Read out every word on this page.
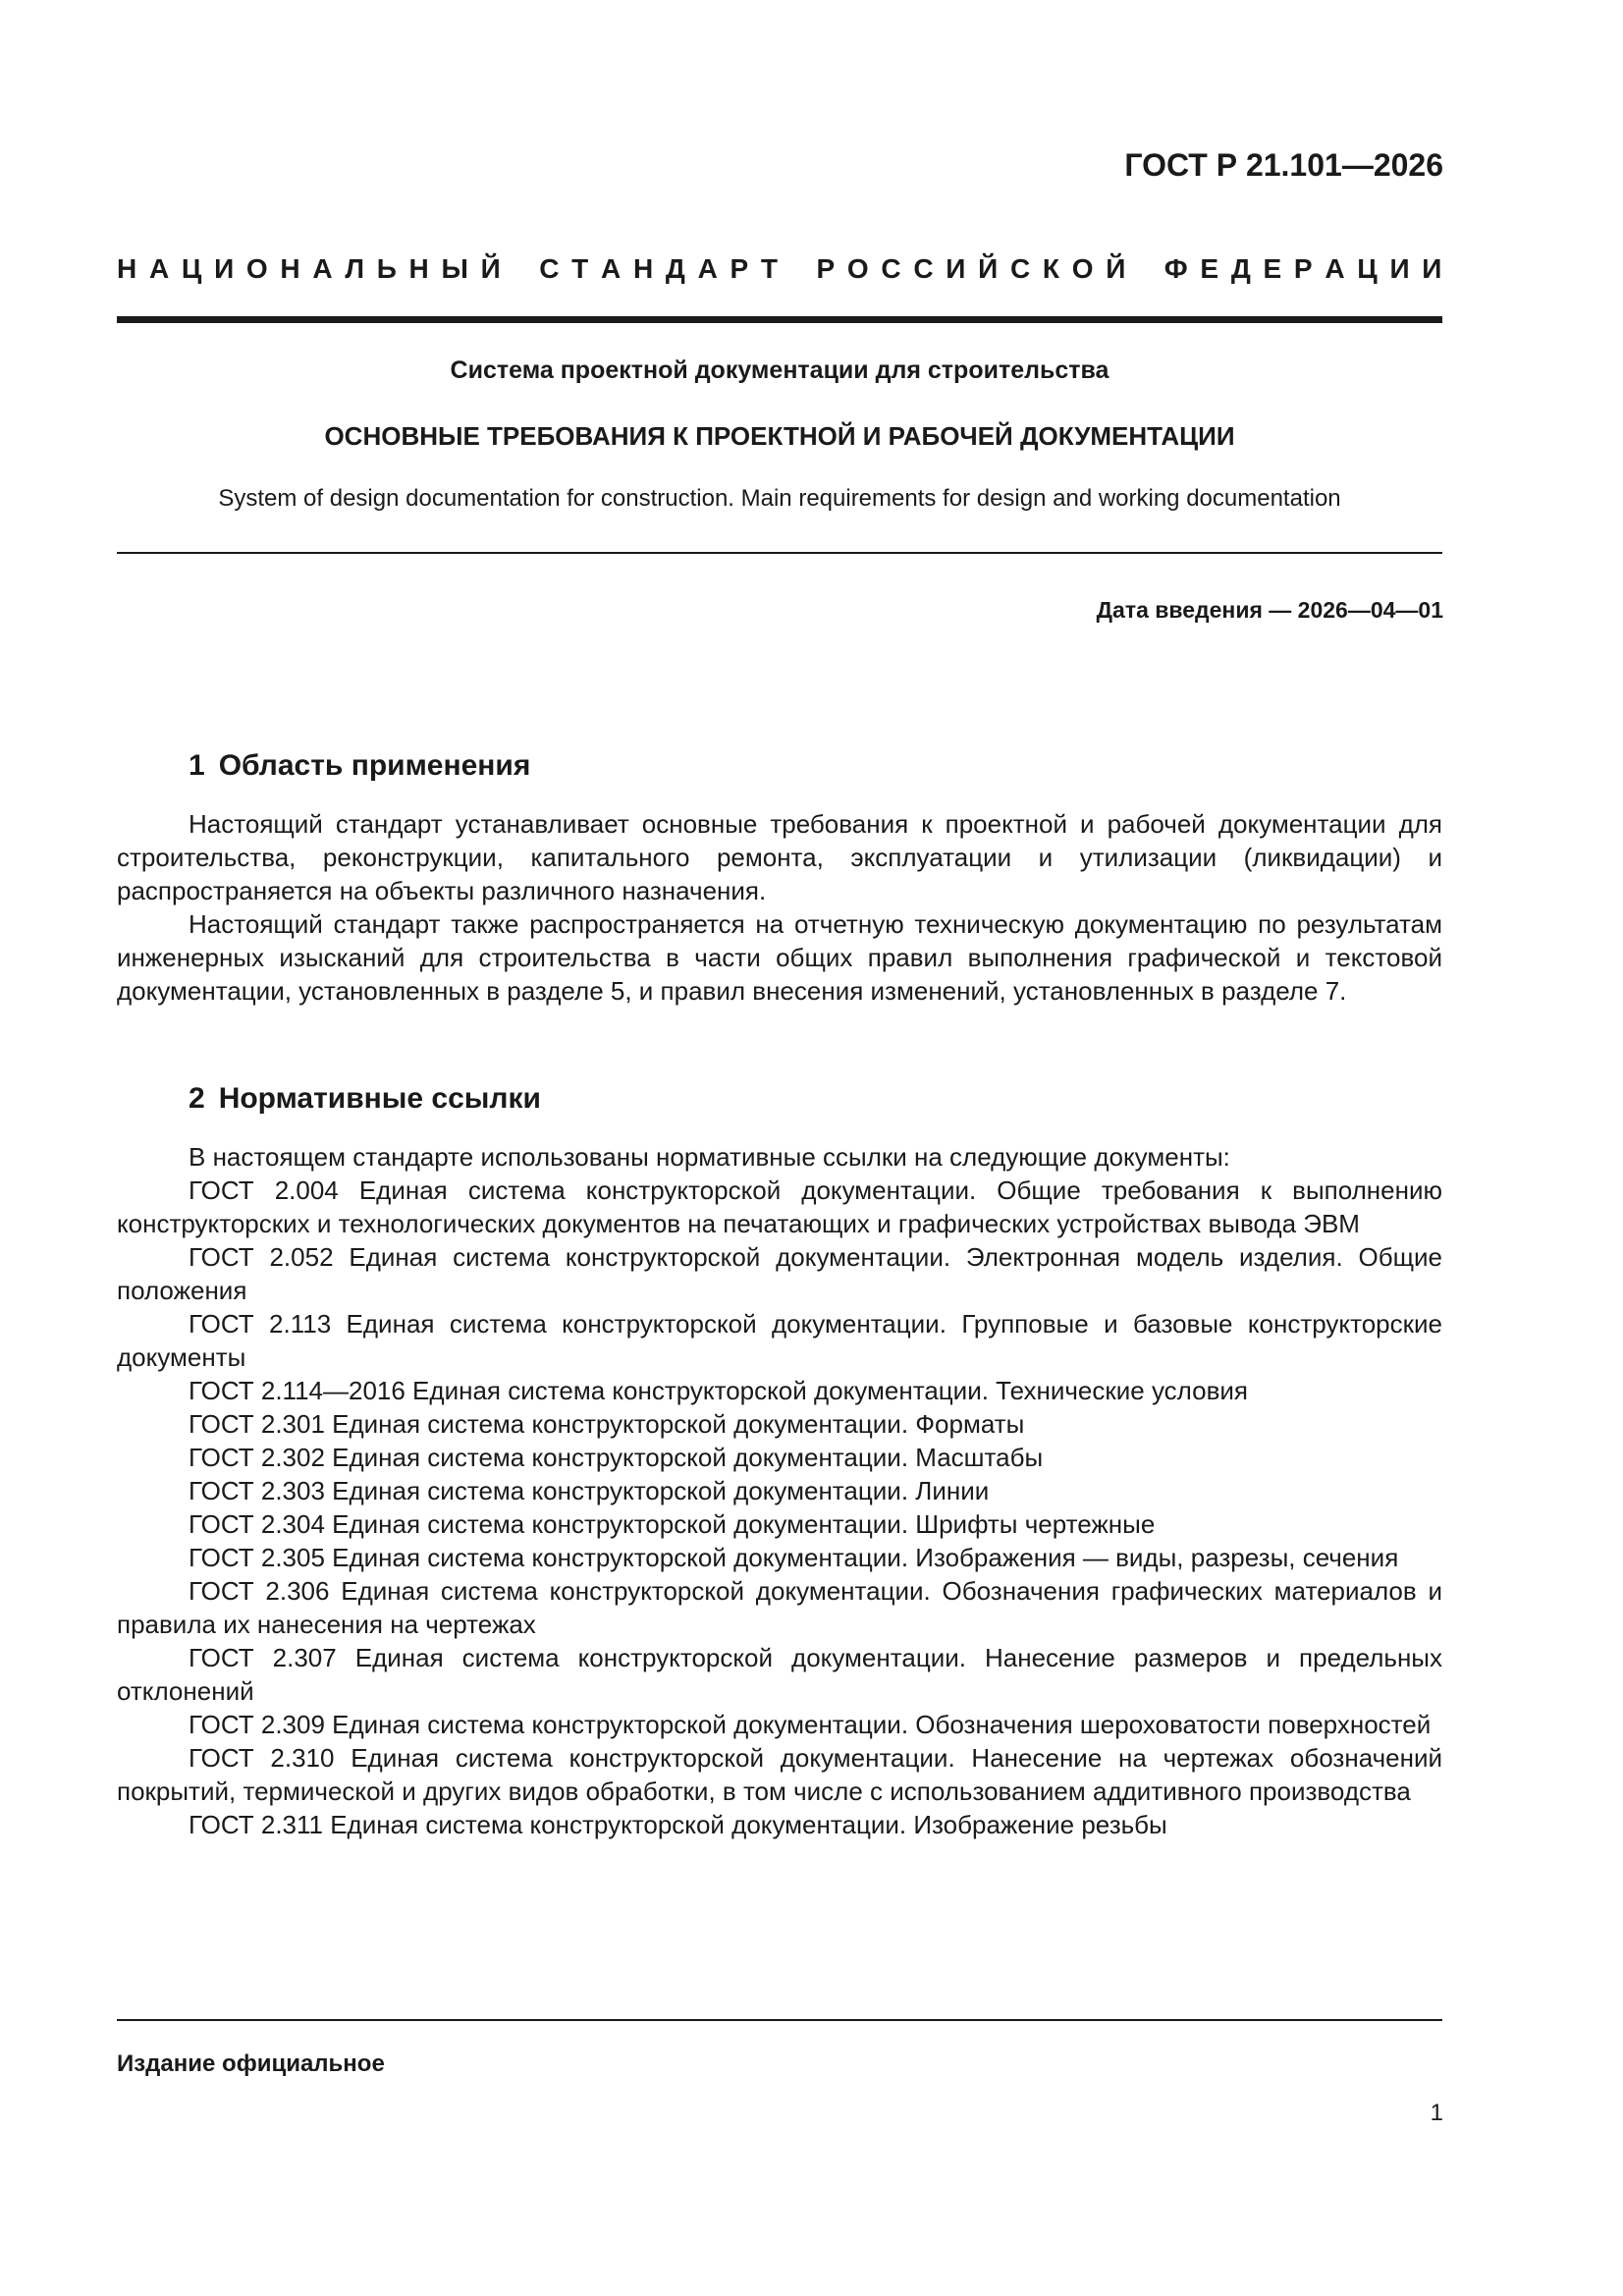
ГОСТ Р 21.101—2026
Н А Ц И О Н А Л Ь Н Ы Й С Т А Н Д А Р Т Р О С С И Й С К О Й Ф Е Д Е Р А Ц И И
Система проектной документации для строительства
ОСНОВНЫЕ ТРЕБОВАНИЯ К ПРОЕКТНОЙ И РАБОЧЕЙ ДОКУМЕНТАЦИИ
System of design documentation for construction. Main requirements for design and working documentation
Дата введения — 2026—04—01
1 Область применения

Настоящий стандарт устанавливает основные требования к проектной и рабочей документации для строительства, реконструкции, капитального ремонта, эксплуатации и утилизации (ликвидации) и распространяется на объекты различного назначения.

Настоящий стандарт также распространяется на отчетную техническую документацию по результатам инженерных изысканий для строительства в части общих правил выполнения графической и текстовой документации, установленных в разделе 5, и правил внесения изменений, установленных в разделе 7.

2 Нормативные ссылки

В настоящем стандарте использованы нормативные ссылки на следующие документы:

ГОСТ 2.004 Единая система конструкторской документации. Общие требования к выполнению конструкторских и технологических документов на печатающих и графических устройствах вывода ЭВМ

ГОСТ 2.052 Единая система конструкторской документации. Электронная модель изделия. Общие положения

ГОСТ 2.113 Единая система конструкторской документации. Групповые и базовые конструкторские документы

ГОСТ 2.114—2016 Единая система конструкторской документации. Технические условия

ГОСТ 2.301 Единая система конструкторской документации. Форматы

ГОСТ 2.302 Единая система конструкторской документации. Масштабы

ГОСТ 2.303 Единая система конструкторской документации. Линии

ГОСТ 2.304 Единая система конструкторской документации. Шрифты чертежные

ГОСТ 2.305 Единая система конструкторской документации. Изображения — виды, разрезы, сечения

ГОСТ 2.306 Единая система конструкторской документации. Обозначения графических материалов и правила их нанесения на чертежах

ГОСТ 2.307 Единая система конструкторской документации. Нанесение размеров и предельных отклонений

ГОСТ 2.309 Единая система конструкторской документации. Обозначения шероховатости поверхностей

ГОСТ 2.310 Единая система конструкторской документации. Нанесение на чертежах обозначений покрытий, термической и других видов обработки, в том числе с использованием аддитивного производства

ГОСТ 2.311 Единая система конструкторской документации. Изображение резьбы

Издание официальное
1
